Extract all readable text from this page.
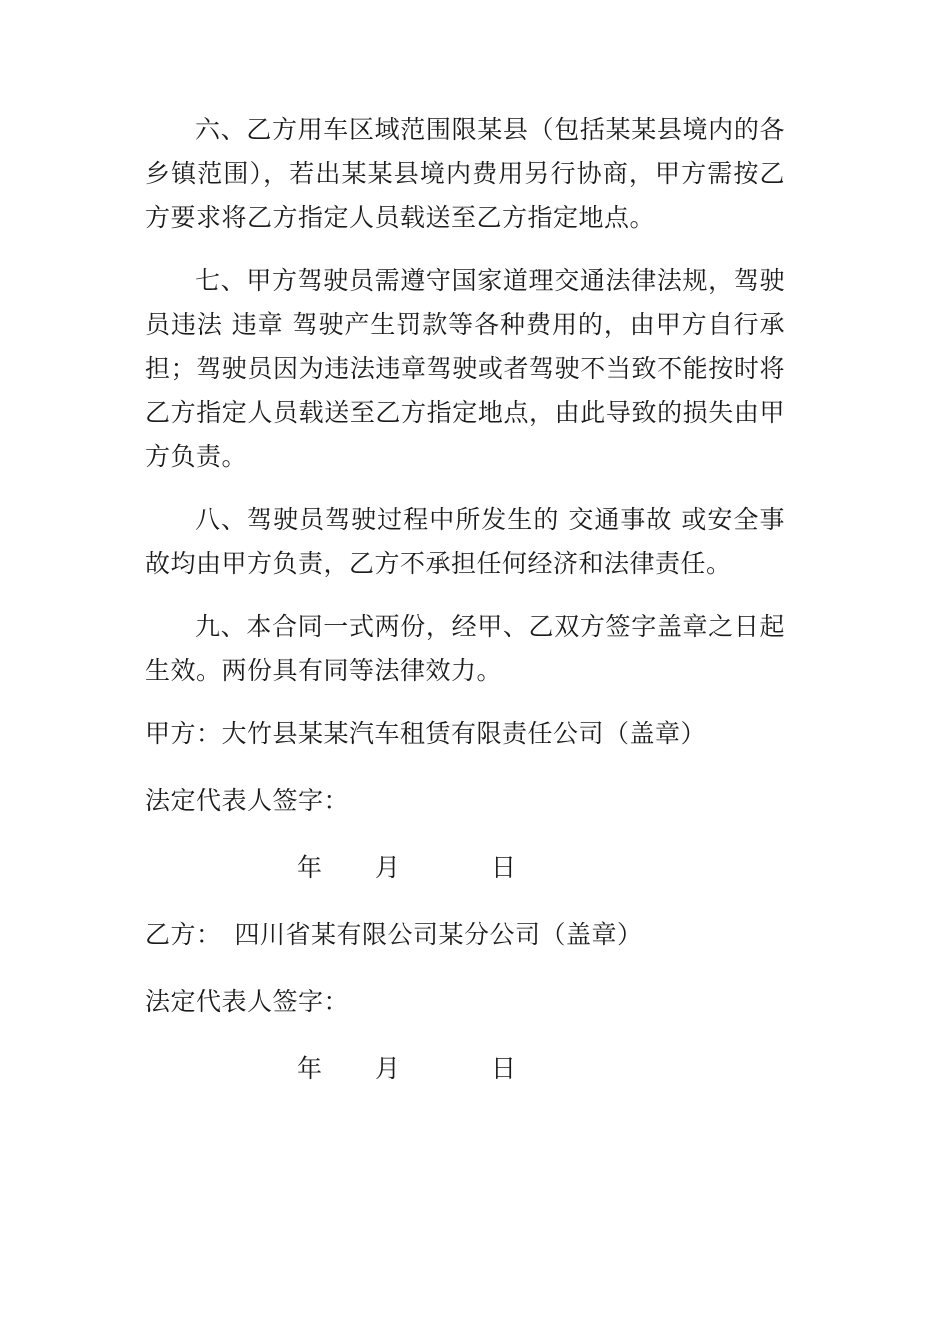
六、乙方用车区域范围限某县（包括某某县境内的各乡镇范围），若出某某县境内费用另行协商，甲方需按乙方要求将乙方指定人员载送至乙方指定地点。

七、甲方驾驶员需遵守国家道理交通法律法规，驾驶员违法 违章 驾驶产生罚款等各种费用的，由甲方自行承担；驾驶员因为违法违章驾驶或者驾驶不当致不能按时将乙方指定人员载送至乙方指定地点，由此导致的损失由甲方负责。

八、驾驶员驾驶过程中所发生的 交通事故 或安全事故均由甲方负责，乙方不承担任何经济和法律责任。

九、本合同一式两份，经甲、乙双方签字盖章之日起生效。两份具有同等法律效力。

甲方：大竹县某某汽车租赁有限责任公司（盖章）

法定代表人签字：

年 月	日

乙方：　四川省某有限公司某分公司（盖章）

法定代表人签字：

年 月	日
